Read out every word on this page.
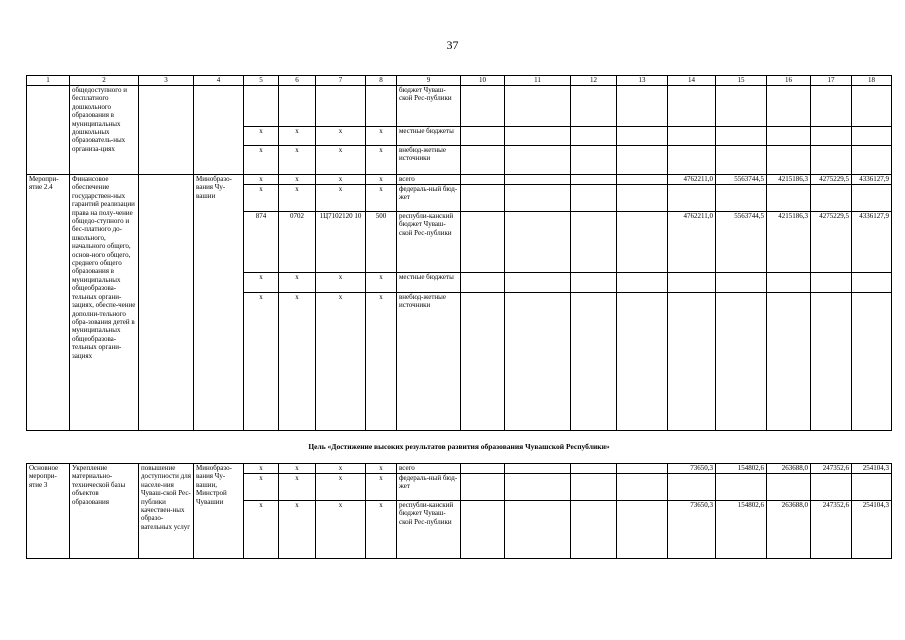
37
1	2	3	4	5	6	7	8	9	10	11	12	13	14	15	16	17	18
	общедоступного и бесплатного дошкольного образования в муниципальных дошкольных образователь-ных организа-циях							бюджет Чуваш-ской Рес-публики									
				x	x	x	x	местные бюджеты									
				x	x	x	x	внебюд-жетные источники									
Меропри-ятие 2.4	Финансовое обеспечение государствен-ных гарантий реализации права на полу-чение общедо-ступного и бес-платного до-школьного, начального общего, основ-ного общего, среднего общего образования в муниципальных общеобразова-тельных органи-зациях, обеспе-чение дополни-тельного обра-зования детей в муниципальных общеобразова-тельных органи-зациях		Минобразо-вания Чу-вашии	x	x	x	x	всего					4762211,0	5563744,5	4215186,3	4275229,5	4336127,9
				x	x	x	x	федераль-ный бюд-жет									
				874	0702	1Ц7102120 10	500	республи-канский бюджет Чуваш-ской Рес-публики					4762211,0	5563744,5	4215186,3	4275229,5	4336127,9
				x	x	x	x	местные бюджеты									
				x	x	x	x	внебюд-жетные источники									
Цель «Достижение высоких результатов развития образования Чувашской Республики»																	
Основное меропри-ятие 3	Укрепление материально-технической базы объектов образования	повышение доступности для населе-ния Чуваш-ской Рес-публики качествен-ных образо-вательных услуг	Минобразо-вания Чу-вашии, Минстрой Чувашии	x	x	x	x	всего					73650,3	154802,6	263688,0	247352,6	254104,3
				x	x	x	x	федераль-ный бюд-жет									
				x	x	x	x	республи-канский бюджет Чуваш-ской Рес-публики					73650,3	154802,6	263688,0	247352,6	254104,3
